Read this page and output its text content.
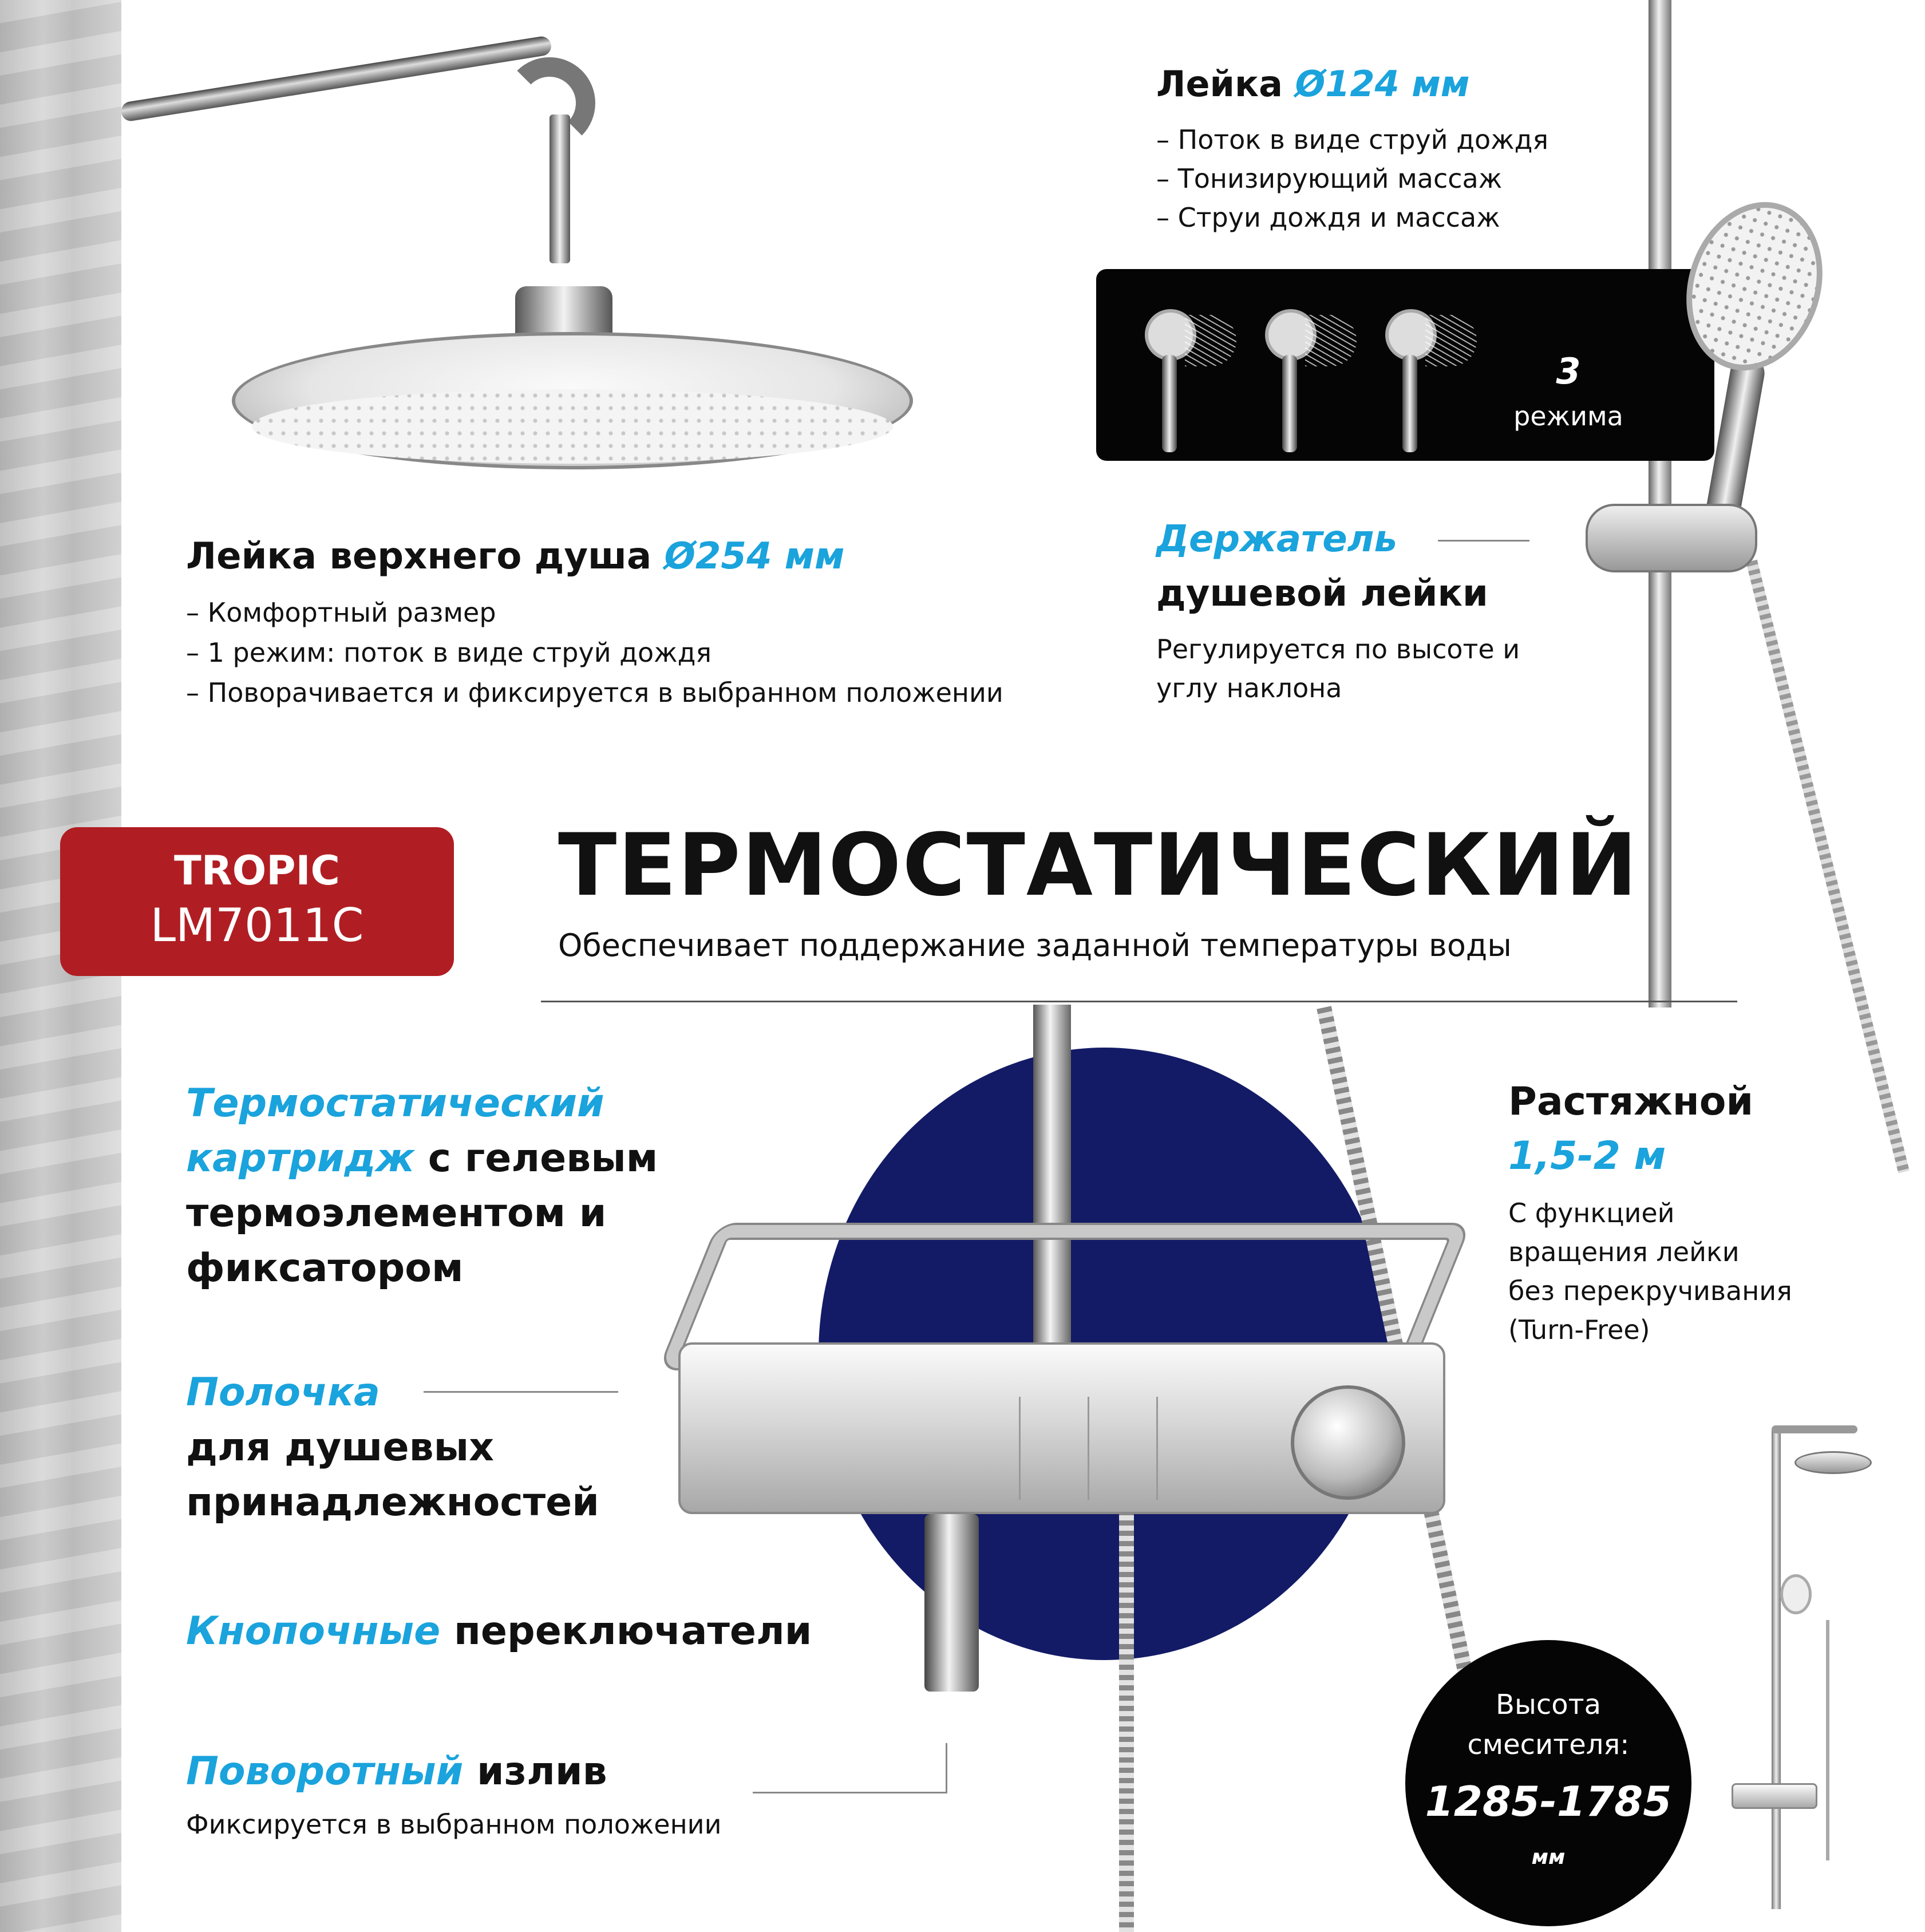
3
режима
Лейка Ø124 мм
– Поток в виде струй дождя
– Тонизирующий массаж
– Струи дождя и массаж
Лейка верхнего душа Ø254 мм
– Комфортный размер
– 1 режим: поток в виде струй дождя
– Поворачивается и фиксируется в выбранном положении
Держатель
душевой лейки
Регулируется по высоте и
углу наклона
TROPIC
LM7011C
ТЕРМОСТАТИЧЕСКИЙ
Обеспечивает поддержание заданной температуры воды
Термостатический
картридж с гелевым
термоэлементом и
фиксатором
Полочка
для душевых
принадлежностей
Кнопочные переключатели
Поворотный излив
Фиксируется в выбранном положении
Растяжной
1,5-2 м
С функцией
вращения лейки
без перекручивания
(Turn-Free)
Высота
смесителя:
1285-1785 мм
